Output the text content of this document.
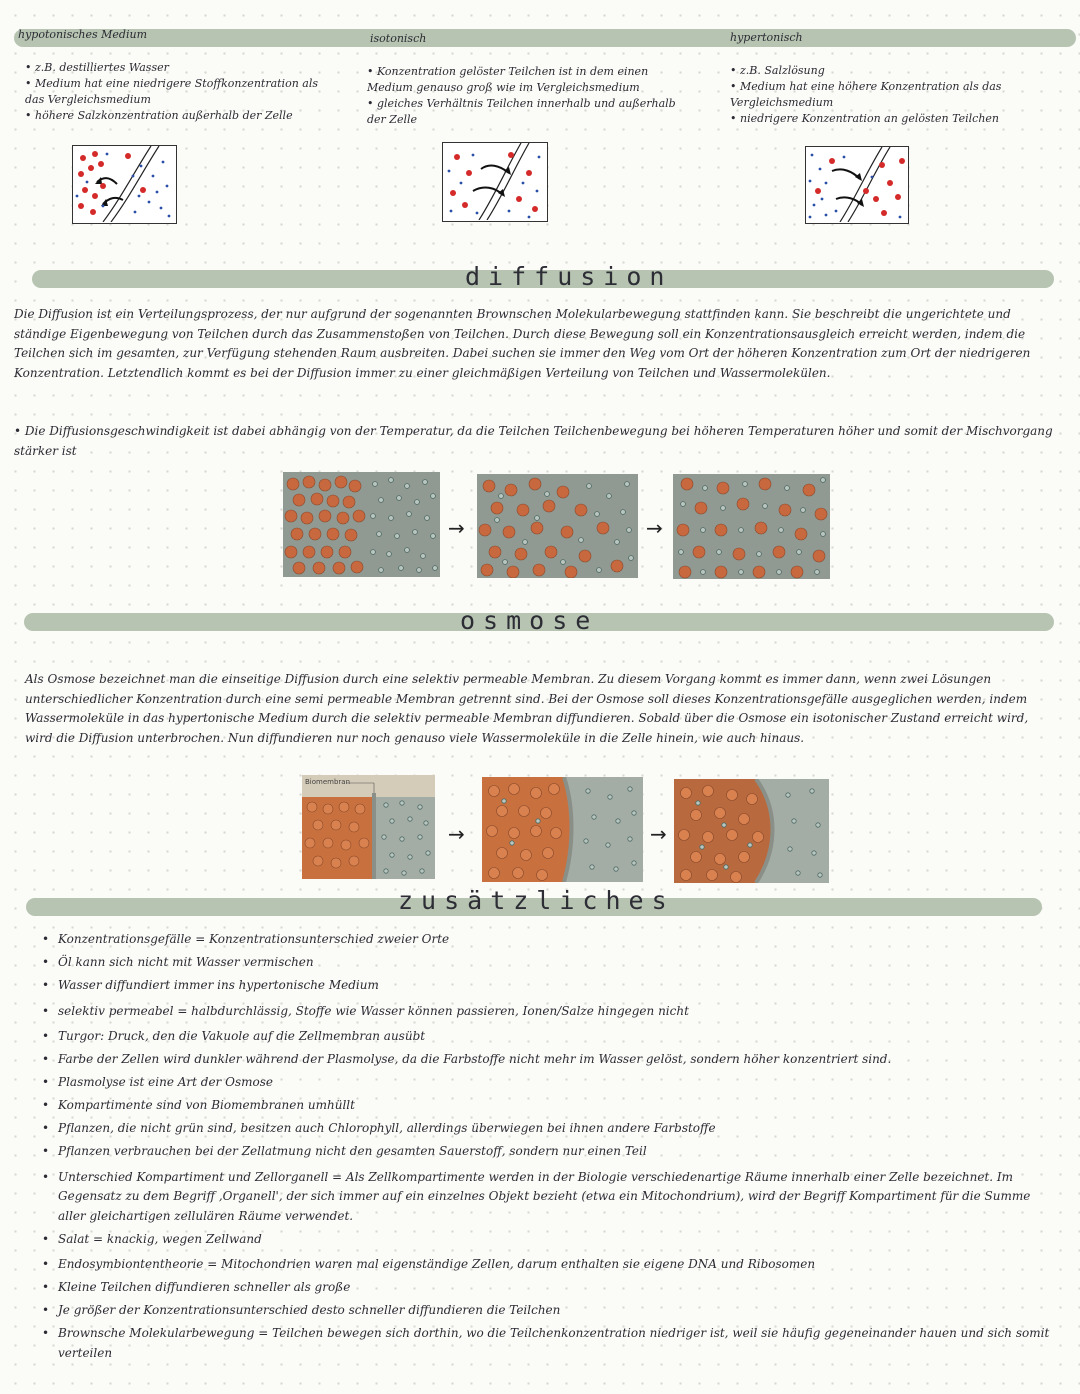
hypotonisches Medium	isotonisch	hypertonisch
• z.B. destilliertes Wasser
• Medium hat eine niedrigere Stoffkonzentration als das Vergleichsmedium
• höhere Salzkonzentration außerhalb der Zelle
• Konzentration gelöster Teilchen ist in dem einen Medium genauso groß wie im Vergleichsmedium
• gleiches Verhältnis Teilchen innerhalb und außerhalb der Zelle
• z.B. Salzlösung
• Medium hat eine höhere Konzentration als das Vergleichsmedium
• niedrigere Konzentration an gelösten Teilchen
diffusion

Die Diffusion ist ein Verteilungsprozess, der nur aufgrund der sogenannten Brownschen Molekularbewegung stattfinden kann. Sie beschreibt die ungerichtete und ständige Eigenbewegung von Teilchen durch das Zusammenstoßen von Teilchen. Durch diese Bewegung soll ein Konzentrationsausgleich erreicht werden, indem die Teilchen sich im gesamten, zur Verfügung stehenden Raum ausbreiten. Dabei suchen sie immer den Weg vom Ort der höheren Konzentration zum Ort der niedrigeren Konzentration. Letztendlich kommt es bei der Diffusion immer zu einer gleichmäßigen Verteilung von Teilchen und Wassermolekülen.

• Die Diffusionsgeschwindigkeit ist dabei abhängig von der Temperatur, da die Teilchen Teilchenbewegung bei höheren Temperaturen höher und somit der Mischvorgang stärker ist

→	→
osmose

Als Osmose bezeichnet man die einseitige Diffusion durch eine selektiv permeable Membran. Zu diesem Vorgang kommt es immer dann, wenn zwei Lösungen unterschiedlicher Konzentration durch eine semi permeable Membran getrennt sind. Bei der Osmose soll dieses Konzentrationsgefälle ausgeglichen werden, indem Wassermoleküle in das hypertonische Medium durch die selektiv permeable Membran diffundieren. Sobald über die Osmose ein isotonischer Zustand erreicht wird, wird die Diffusion unterbrochen. Nun diffundieren nur noch genauso viele Wassermoleküle in die Zelle hinein, wie auch hinaus.

Biomembran
→	→
zusätzliches
• Konzentrationsgefälle = Konzentrationsunterschied zweier Orte
• Öl kann sich nicht mit Wasser vermischen
• Wasser diffundiert immer ins hypertonische Medium
• selektiv permeabel = halbdurchlässig, Stoffe wie Wasser können passieren, Ionen/Salze hingegen nicht
• Turgor: Druck, den die Vakuole auf die Zellmembran ausübt
• Farbe der Zellen wird dunkler während der Plasmolyse, da die Farbstoffe nicht mehr im Wasser gelöst, sondern höher konzentriert sind.
• Plasmolyse ist eine Art der Osmose
• Kompartimente sind von Biomembranen umhüllt
• Pflanzen, die nicht grün sind, besitzen auch Chlorophyll, allerdings überwiegen bei ihnen andere Farbstoffe
• Pflanzen verbrauchen bei der Zellatmung nicht den gesamten Sauerstoff, sondern nur einen Teil
• Unterschied Kompartiment und Zellorganell = Als Zellkompartimente werden in der Biologie verschiedenartige Räume innerhalb einer Zelle bezeichnet. Im Gegensatz zu dem Begriff ‚Organell', der sich immer auf ein einzelnes Objekt bezieht (etwa ein Mitochondrium), wird der Begriff Kompartiment für die Summe aller gleichartigen zellulären Räume verwendet.
• Salat = knackig, wegen Zellwand
• Endosymbiontentheorie = Mitochondrien waren mal eigenständige Zellen, darum enthalten sie eigene DNA und Ribosomen
• Kleine Teilchen diffundieren schneller als große
• Je größer der Konzentrationsunterschied desto schneller diffundieren die Teilchen
• Brownsche Molekularbewegung = Teilchen bewegen sich dorthin, wo die Teilchenkonzentration niedriger ist, weil sie häufig gegeneinander hauen und sich somit verteilen
